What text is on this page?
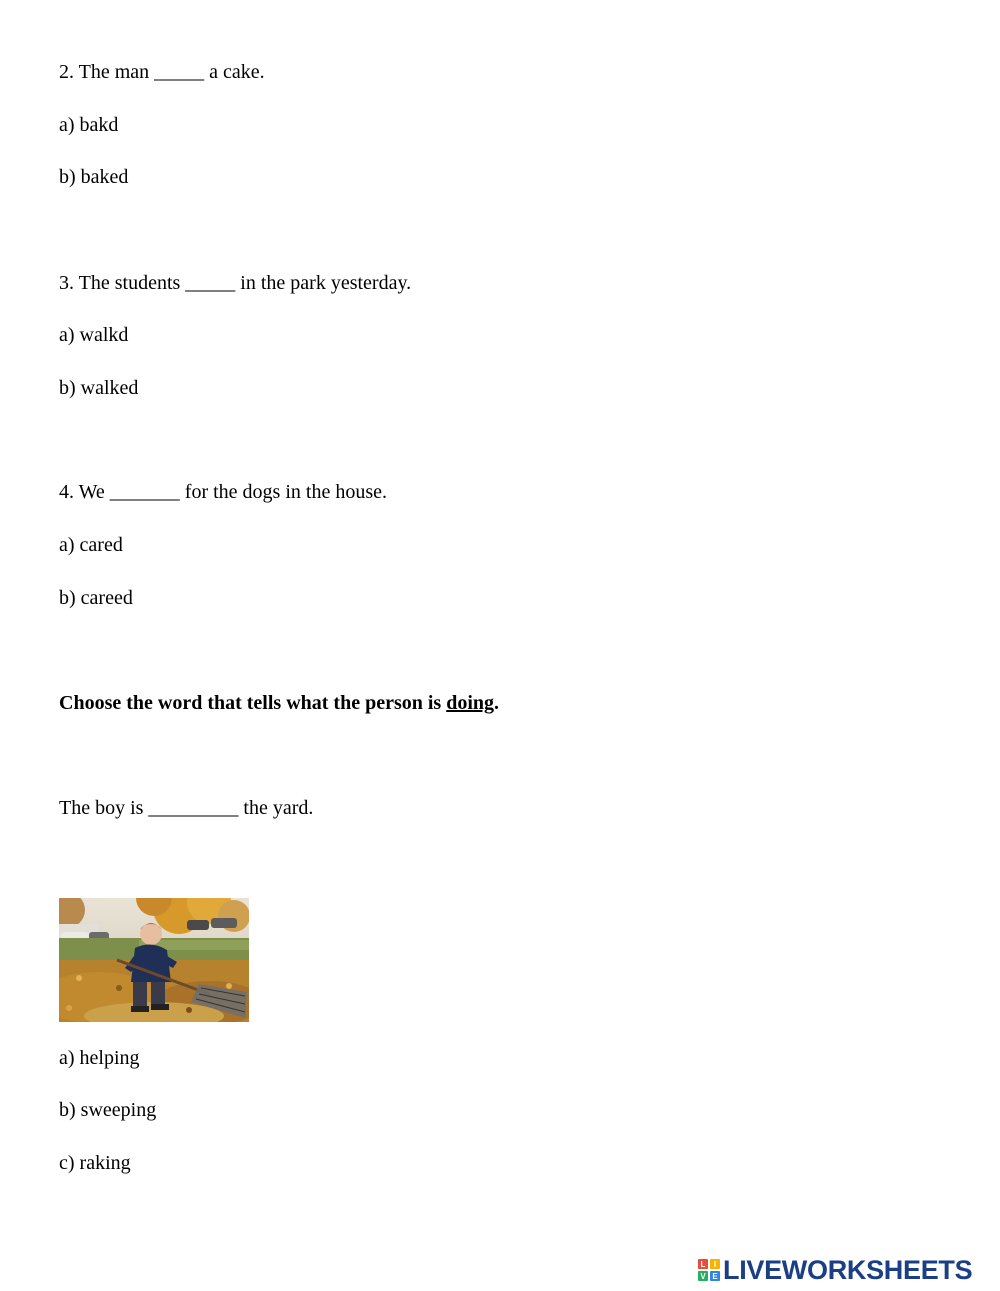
2. The man _____ a cake.
a) bakd
b) baked
3. The students _____ in the park yesterday.
a) walkd
b) walked
4. We _______ for the dogs in the house.
a) cared
b) careed
Choose the word that tells what the person is doing.
The boy is _________ the yard.
a) helping
b) sweeping
c) raking
L	I
V E LIVEWORKSHEETS
